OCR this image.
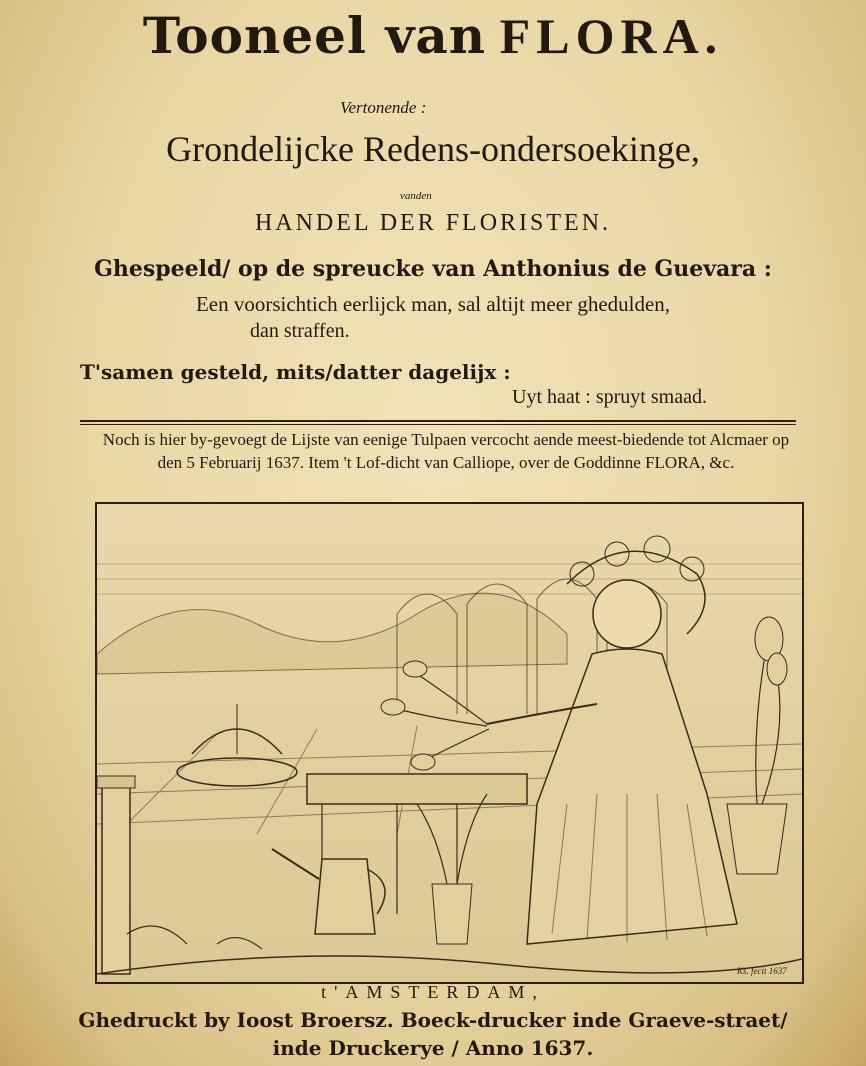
Tooneel van FLORA.
Vertonende :
Grondelijcke Redens-ondersoekinge,
vanden
HANDEL DER FLORISTEN.
Ghespeeld/ op de spreucke van Anthonius de Guevara :
Een voorsichtich eerlijck man, sal altijt meer ghedulden,
dan straffen.
T'samen gesteld, mits/datter dagelijx :
Uyt haat : spruyt smaad.
Noch is hier by-gevoegt de Lijste van eenige Tulpaen vercocht aende meest-biedende tot Alcmaer op den 5 Februarij 1637. Item 't Lof-dicht van Calliope, over de Goddinne FLORA, &c.
Ks. fecit 1637
t'AMSTERDAM,
Ghedruckt by Ioost Broersz. Boeck-drucker inde Graeve-straet/
inde Druckerye / Anno 1637.
